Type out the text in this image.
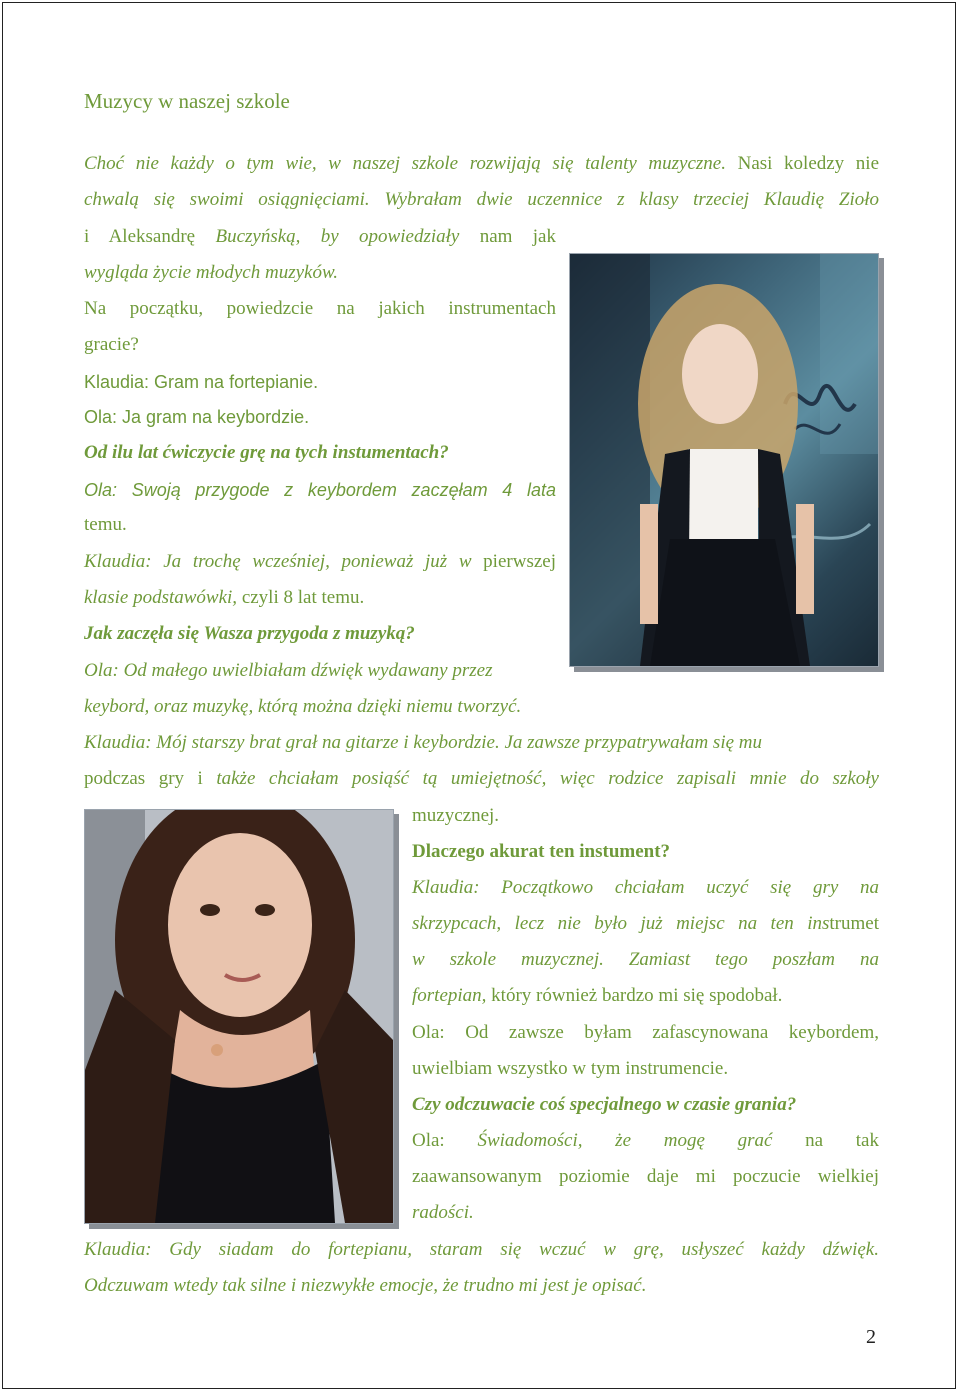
Muzycy w naszej szkole

Choć nie każdy o tym wie, w naszej szkole rozwijają się talenty muzyczne. Nasi koledzy nie

chwalą się swoimi osiągnięciami. Wybrałam dwie uczennice z klasy trzeciej Klaudię Zioło

i Aleksandrę Buczyńską, by opowiedziały nam jak

wygląda życie młodych muzyków.

Na początku, powiedzcie na jakich instrumentach

gracie?

Klaudia: Gram na fortepianie.

Ola: Ja gram na keybordzie.

Od ilu lat ćwiczycie grę na tych instumentach?

Ola: Swoją przygode z keybordem zaczęłam 4 lata

temu.

Klaudia: Ja trochę wcześniej, ponieważ już w pierwszej

klasie podstawówki, czyli 8 lat temu.

Jak zaczęła się Wasza przygoda z muzyką?

Ola: Od małego uwielbiałam dźwięk wydawany przez

keybord, oraz muzykę, którą można dzięki niemu tworzyć.

Klaudia: Mój starszy brat grał na gitarze i keybordzie. Ja zawsze przypatrywałam się mu

podczas gry i także chciałam posiąść tą umiejętność, więc rodzice zapisali mnie do szkoły

muzycznej.

Dlaczego akurat ten instument?

Klaudia: Początkowo chciałam uczyć się gry na

skrzypcach, lecz nie było już miejsc na ten instrumet

w szkole muzycznej. Zamiast tego poszłam na

fortepian, który również bardzo mi się spodobał.

Ola: Od zawsze byłam zafascynowana keybordem,

uwielbiam wszystko w tym instrumencie.

Czy odczuwacie coś specjalnego w czasie grania?

Ola: Świadomości, że mogę grać na tak

zaawansowanym poziomie daje mi poczucie wielkiej

radości.

Klaudia: Gdy siadam do fortepianu, staram się wczuć w grę, usłyszeć każdy dźwięk.

Odczuwam wtedy tak silne i niezwykłe emocje, że trudno mi jest je opisać.

2
